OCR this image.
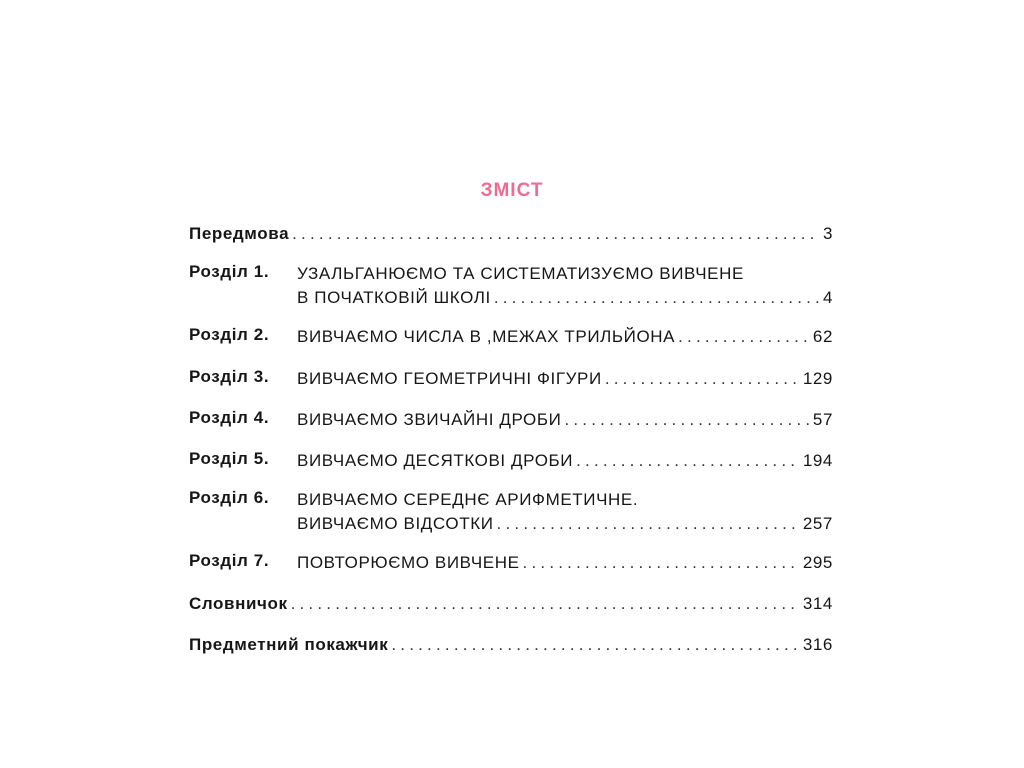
ЗМІСТ
Передмова .....	3
Розділ 1.	УЗАЛЬГАНЮЄМО ТА СИСТЕМАТИЗУЄМО ВИВЧЕНЕ
В ПОЧАТКОВІЙ ШКОЛІ .....	4
Розділ 2.	ВИВЧАЄМО ЧИСЛА В ,МЕЖАХ ТРИЛЬЙОНА .....	62
Розділ 3.	ВИВЧАЄМО ГЕОМЕТРИЧНІ ФІГУРИ .....	129
Розділ 4.	ВИВЧАЄМО ЗВИЧАЙНІ ДРОБИ .....	57
Розділ 5.	ВИВЧАЄМО ДЕСЯТКОВІ ДРОБИ .....	194
Розділ 6.	ВИВЧАЄМО СЕРЕДНЄ АРИФМЕТИЧНЕ.
ВИВЧАЄМО ВІДСОТКИ .....	257
Розділ 7.	ПОВТОРЮЄМО ВИВЧЕНЕ .....	295
Словничок .....	314
Предметний покажчик .....	316
